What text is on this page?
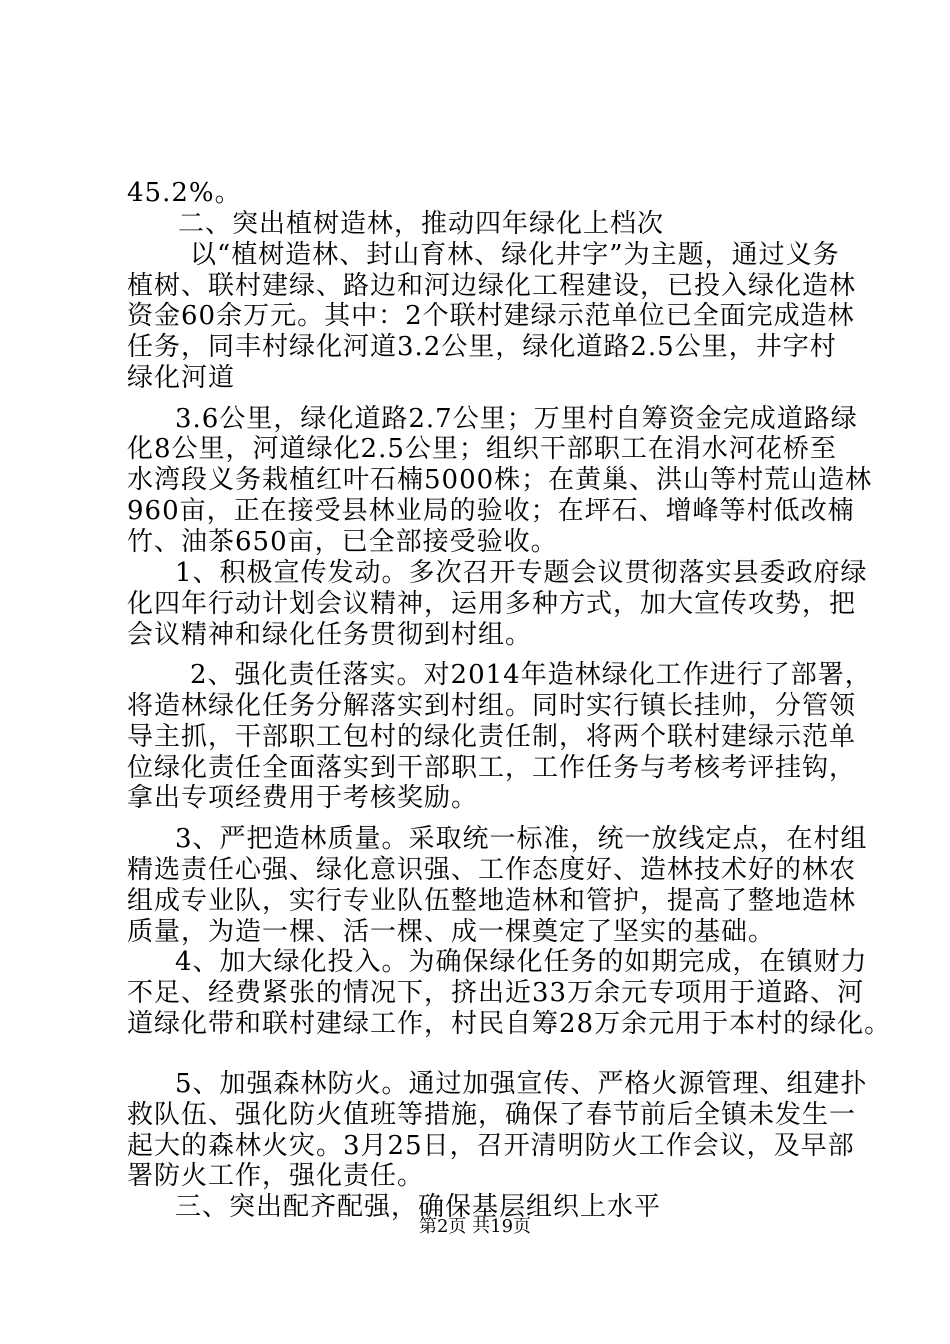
45.2%。
二、突出植树造林，推动四年绿化上档次
以“植树造林、封山育林、绿化井字”为主题，通过义务
植树、联村建绿、路边和河边绿化工程建设，已投入绿化造林
资金60余万元。其中：2个联村建绿示范单位已全面完成造林
任务，同丰村绿化河道3.2公里，绿化道路2.5公里，井字村
绿化河道
3.6公里，绿化道路2.7公里；万里村自筹资金完成道路绿
化8公里，河道绿化2.5公里；组织干部职工在涓水河花桥至
水湾段义务栽植红叶石楠5000株；在黄巢、洪山等村荒山造林
960亩，正在接受县林业局的验收；在坪石、增峰等村低改楠
竹、油茶650亩，已全部接受验收。
1、积极宣传发动。多次召开专题会议贯彻落实县委政府绿
化四年行动计划会议精神，运用多种方式，加大宣传攻势，把
会议精神和绿化任务贯彻到村组。
2、强化责任落实。对2014年造林绿化工作进行了部署，
将造林绿化任务分解落实到村组。同时实行镇长挂帅，分管领
导主抓，干部职工包村的绿化责任制，将两个联村建绿示范单
位绿化责任全面落实到干部职工，工作任务与考核考评挂钩，
拿出专项经费用于考核奖励。
3、严把造林质量。采取统一标准，统一放线定点，在村组
精选责任心强、绿化意识强、工作态度好、造林技术好的林农
组成专业队，实行专业队伍整地造林和管护，提高了整地造林
质量，为造一棵、活一棵、成一棵奠定了坚实的基础。
4、加大绿化投入。为确保绿化任务的如期完成，在镇财力
不足、经费紧张的情况下，挤出近33万余元专项用于道路、河
道绿化带和联村建绿工作，村民自筹28万余元用于本村的绿化。
5、加强森林防火。通过加强宣传、严格火源管理、组建扑
救队伍、强化防火值班等措施，确保了春节前后全镇未发生一
起大的森林火灾。3月25日，召开清明防火工作会议，及早部
署防火工作，强化责任。
三、突出配齐配强，确保基层组织上水平
第2页 共19页
